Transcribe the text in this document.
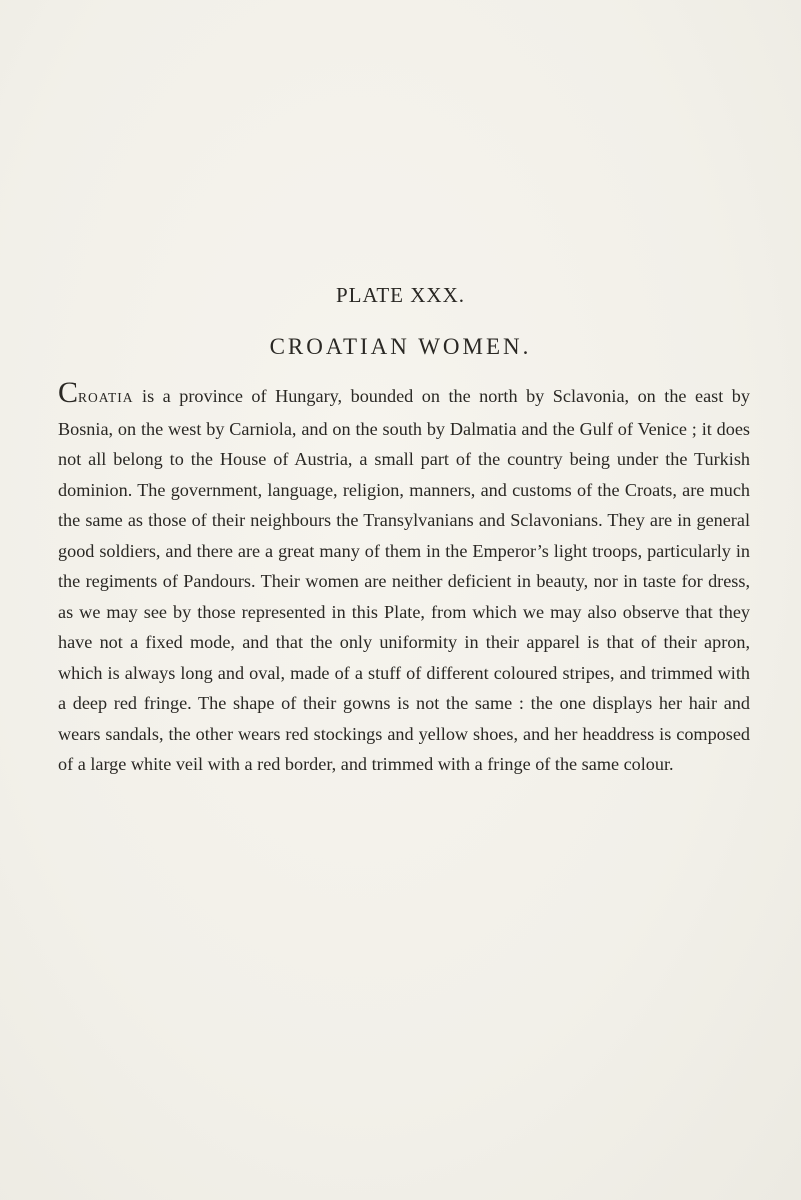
PLATE XXX.
CROATIAN WOMEN.

CROATIA is a province of Hungary, bounded on the north by Sclavonia, on the east by Bosnia, on the west by Carniola, and on the south by Dalmatia and the Gulf of Venice ; it does not all belong to the House of Austria, a small part of the country being under the Turkish dominion. The government, language, religion, manners, and customs of the Croats, are much the same as those of their neighbours the Transylvanians and Sclavonians. They are in general good soldiers, and there are a great many of them in the Emperor’s light troops, particularly in the regiments of Pandours. Their women are neither deficient in beauty, nor in taste for dress, as we may see by those represented in this Plate, from which we may also observe that they have not a fixed mode, and that the only uniformity in their apparel is that of their apron, which is always long and oval, made of a stuff of different coloured stripes, and trimmed with a deep red fringe. The shape of their gowns is not the same : the one displays her hair and wears sandals, the other wears red stockings and yellow shoes, and her headdress is composed of a large white veil with a red border, and trimmed with a fringe of the same colour.
